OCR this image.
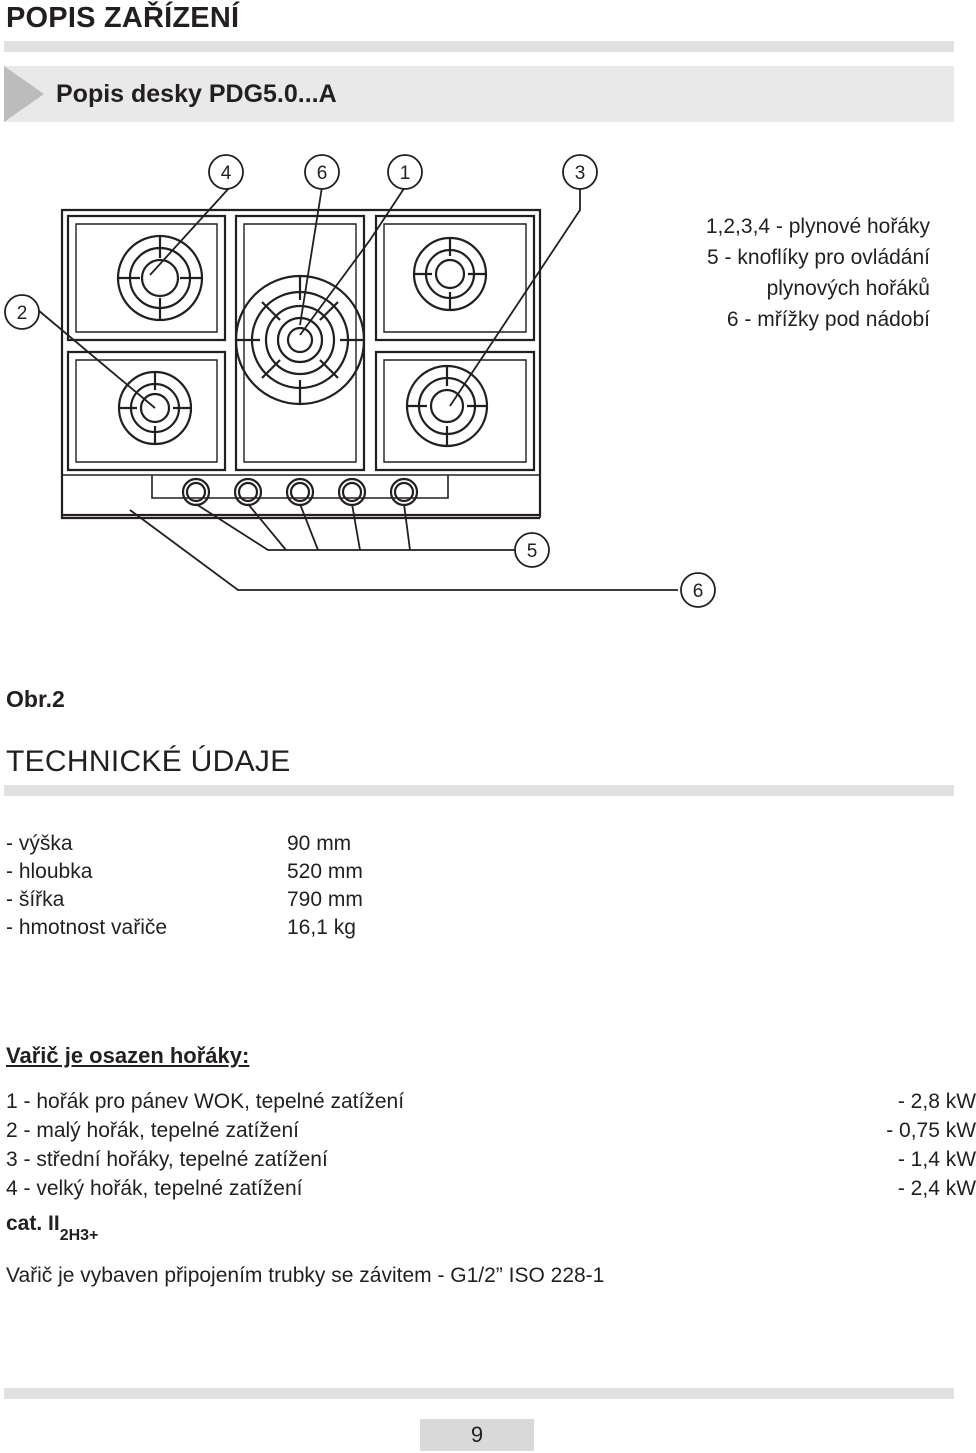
POPIS ZAŘÍZENÍ
Popis desky PDG5.0...A
4	6	1	3
2
5
6
1,2,3,4 - plynové hořáky
5 - knoflíky pro ovládání
plynových hořáků
6 - mřížky pod nádobí
Obr.2
TECHNICKÉ ÚDAJE
- výška	90 mm
- hloubka	520 mm
- šířka	790 mm
- hmotnost vařiče	16,1 kg
Vařič je osazen hořáky:
1 - hořák pro pánev WOK, tepelné zatížení	- 2,8 kW
2 - malý hořák, tepelné zatížení	- 0,75 kW
3 - střední hořáky, tepelné zatížení	- 1,4 kW
4 - velký hořák, tepelné zatížení	- 2,4 kW
cat. $II_{2H3+}$
Vařič je vybaven připojením trubky se závitem - G1/2” ISO 228-1
9
